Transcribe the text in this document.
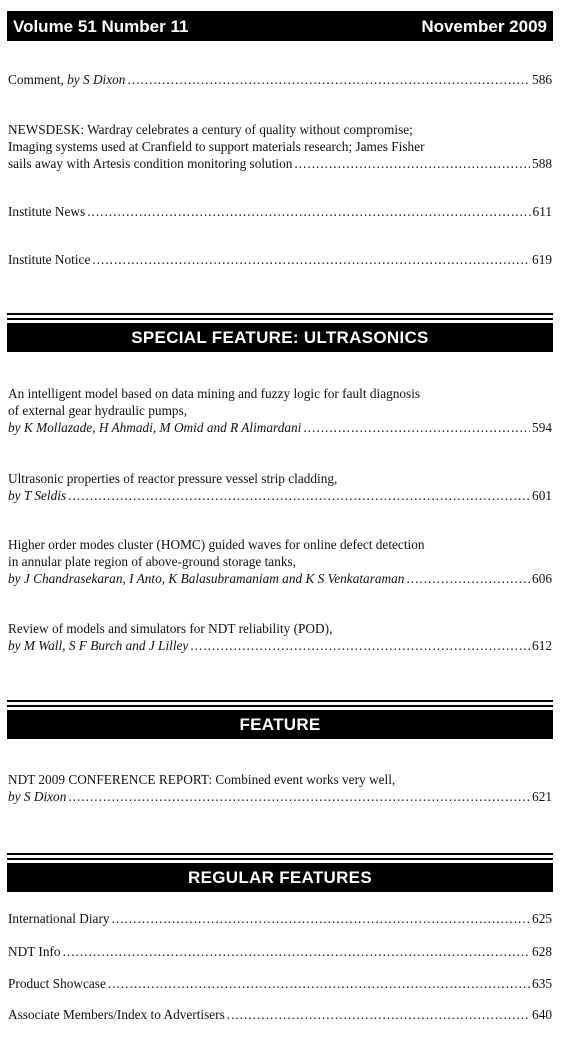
Volume 51 Number 11	November 2009
Comment, by S Dixon .....	586
NEWSDESK: Wardray celebrates a century of quality without compromise;
Imaging systems used at Cranfield to support materials research; James Fisher
sails away with Artesis condition monitoring solution .....	588
Institute News .....	611
Institute Notice .....	619
SPECIAL FEATURE: ULTRASONICS
An intelligent model based on data mining and fuzzy logic for fault diagnosis
of external gear hydraulic pumps,
by K Mollazade, H Ahmadi, M Omid and R Alimardani .....	594
Ultrasonic properties of reactor pressure vessel strip cladding,
by T Seldis .....	601
Higher order modes cluster (HOMC) guided waves for online defect detection
in annular plate region of above-ground storage tanks,
by J Chandrasekaran, I Anto, K Balasubramaniam and K S Venkataraman .....	606
Review of models and simulators for NDT reliability (POD),
by M Wall, S F Burch and J Lilley .....	612
FEATURE
NDT 2009 CONFERENCE REPORT: Combined event works very well,
by S Dixon .....	621
REGULAR FEATURES
International Diary .....	625
NDT Info .....	628
Product Showcase .....	635
Associate Members/Index to Advertisers .....	640
